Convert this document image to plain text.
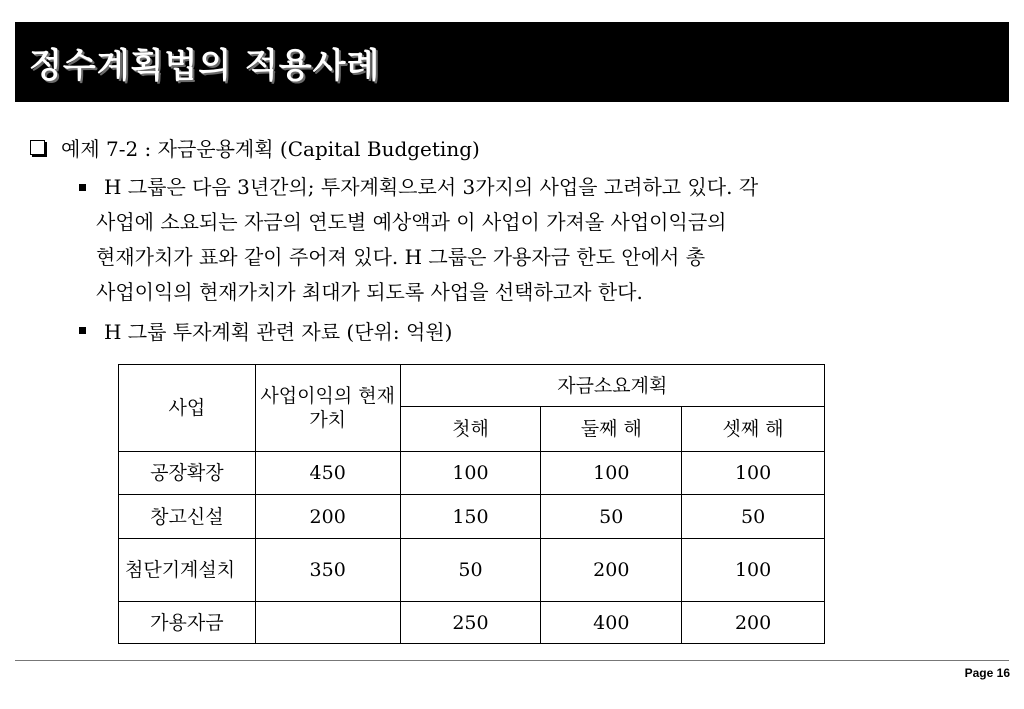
정수계획법의 적용사례
예제 7-2 : 자금운용계획 (Capital Budgeting)
H 그룹은 다음 3년간의; 투자계획으로서 3가지의 사업을 고려하고 있다. 각
사업에 소요되는 자금의 연도별 예상액과 이 사업이 가져올 사업이익금의
현재가치가 표와 같이 주어져 있다. H 그룹은 가용자금 한도 안에서 총
사업이익의 현재가치가 최대가 되도록 사업을 선택하고자 한다.
H 그룹 투자계획 관련 자료 (단위: 억원)
사업	사업이익의 현재가치	자금소요계획		
		첫해	둘째 해	셋째 해
공장확장	450	100	100	100
창고신설	200	150	50	50
첨단기계설치	350	50	200	100
가용자금		250	400	200
Page 16
